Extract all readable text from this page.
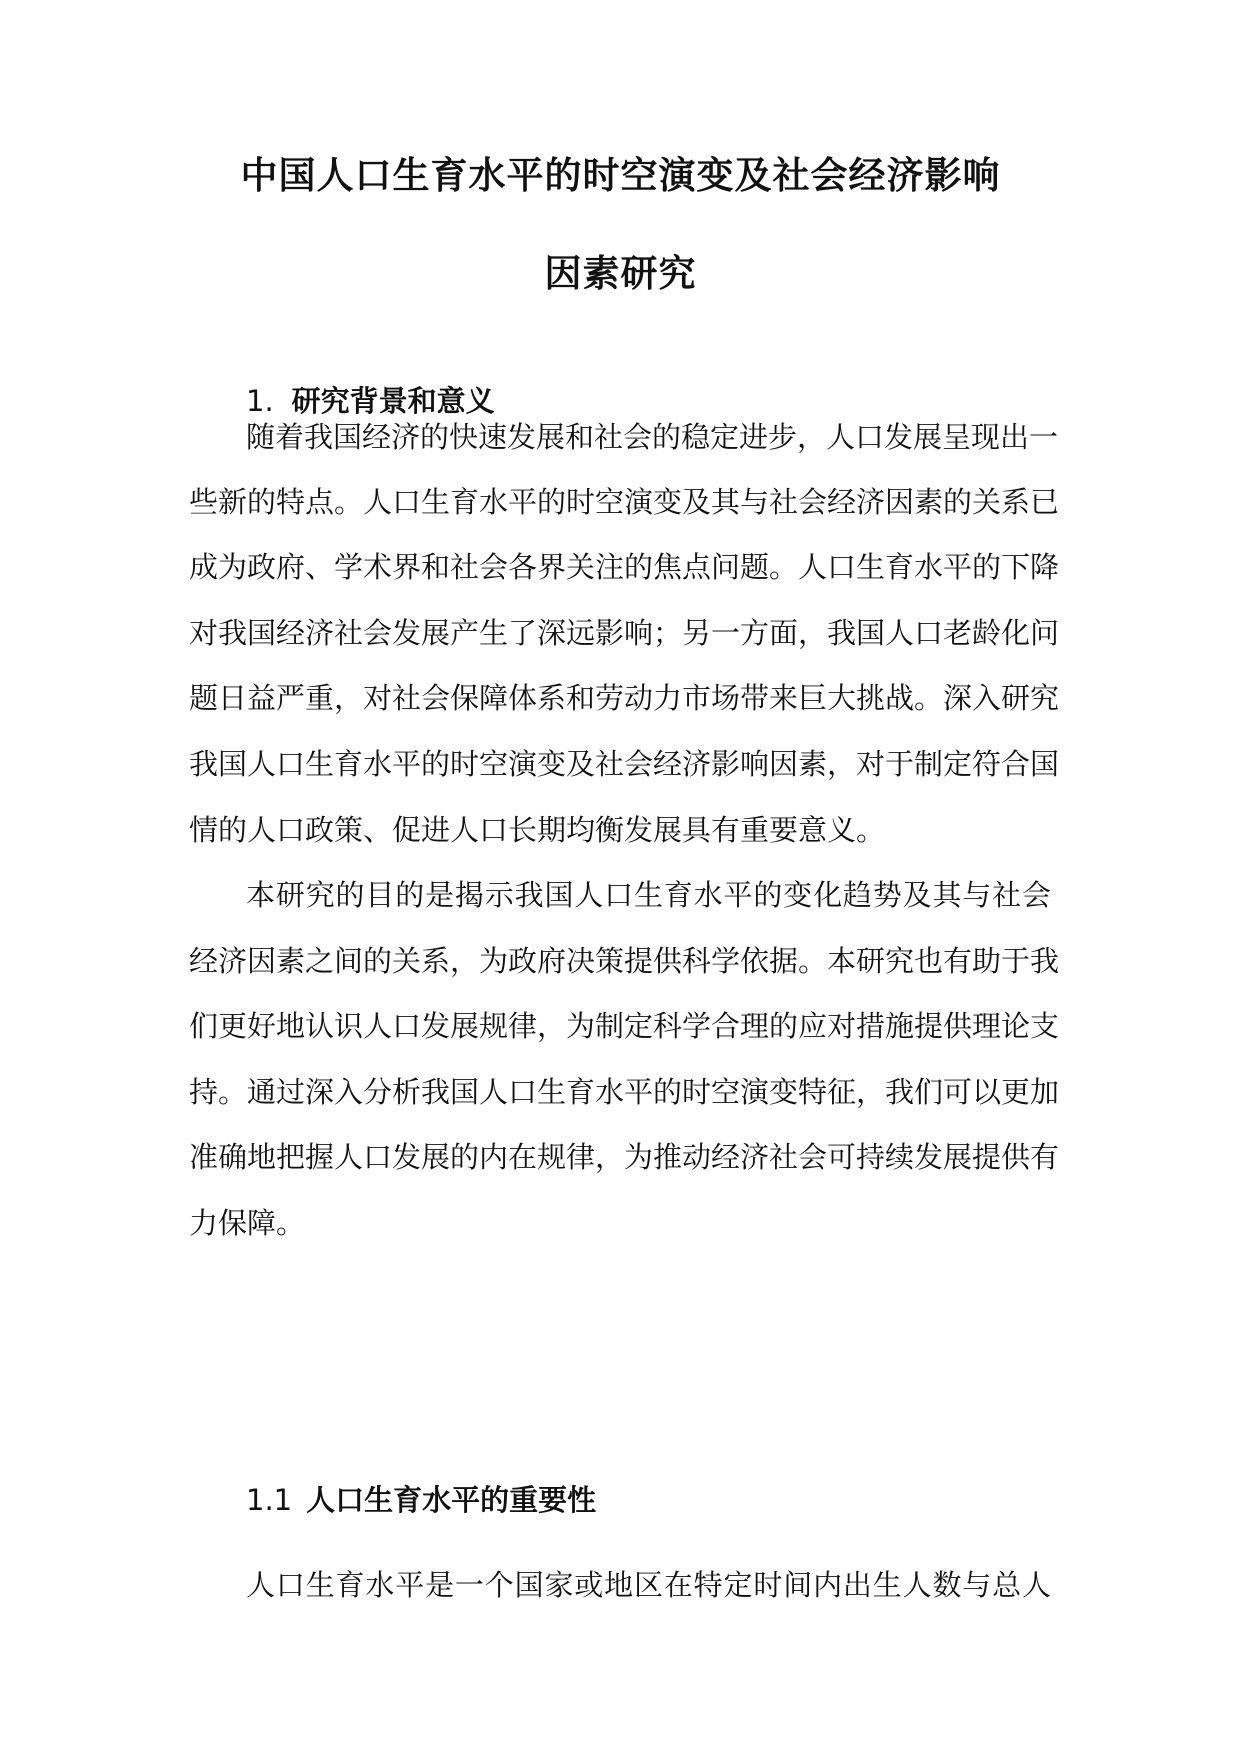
中国人口生育水平的时空演变及社会经济影响
因素研究
1. 研究背景和意义
随着我国经济的快速发展和社会的稳定进步，人口发展呈现出一
些新的特点。人口生育水平的时空演变及其与社会经济因素的关系已
成为政府、学术界和社会各界关注的焦点问题。人口生育水平的下降
对我国经济社会发展产生了深远影响；另一方面，我国人口老龄化问
题日益严重，对社会保障体系和劳动力市场带来巨大挑战。深入研究
我国人口生育水平的时空演变及社会经济影响因素，对于制定符合国
情的人口政策、促进人口长期均衡发展具有重要意义。
本研究的目的是揭示我国人口生育水平的变化趋势及其与社会
经济因素之间的关系，为政府决策提供科学依据。本研究也有助于我
们更好地认识人口发展规律，为制定科学合理的应对措施提供理论支
持。通过深入分析我国人口生育水平的时空演变特征，我们可以更加
准确地把握人口发展的内在规律，为推动经济社会可持续发展提供有
力保障。
1.1 人口生育水平的重要性
人口生育水平是一个国家或地区在特定时间内出生人数与总人
